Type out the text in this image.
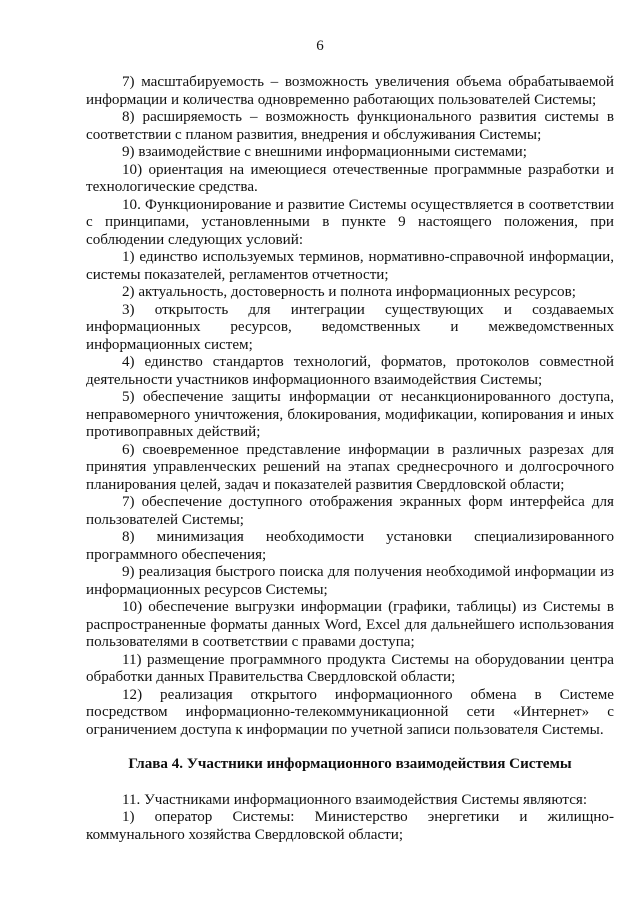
6

7) масштабируемость – возможность увеличения объема обрабатываемой информации и количества одновременно работающих пользователей Системы;

8) расширяемость – возможность функционального развития системы в соответствии с планом развития, внедрения и обслуживания Системы;

9) взаимодействие с внешними информационными системами;

10) ориентация на имеющиеся отечественные программные разработки и технологические средства.

10. Функционирование и развитие Системы осуществляется в соответствии с принципами, установленными в пункте 9 настоящего положения, при соблюдении следующих условий:

1) единство используемых терминов, нормативно-справочной информации, системы показателей, регламентов отчетности;

2) актуальность, достоверность и полнота информационных ресурсов;

3) открытость для интеграции существующих и создаваемых информационных ресурсов, ведомственных и межведомственных информационных систем;

4) единство стандартов технологий, форматов, протоколов совместной деятельности участников информационного взаимодействия Системы;

5) обеспечение защиты информации от несанкционированного доступа, неправомерного уничтожения, блокирования, модификации, копирования и иных противоправных действий;

6) своевременное представление информации в различных разрезах для принятия управленческих решений на этапах среднесрочного и долгосрочного планирования целей, задач и показателей развития Свердловской области;

7) обеспечение доступного отображения экранных форм интерфейса для пользователей Системы;

8) минимизация необходимости установки специализированного программного обеспечения;

9) реализация быстрого поиска для получения необходимой информации из информационных ресурсов Системы;

10) обеспечение выгрузки информации (графики, таблицы) из Системы в распространенные форматы данных Word, Excel для дальнейшего использования пользователями в соответствии с правами доступа;

11) размещение программного продукта Системы на оборудовании центра обработки данных Правительства Свердловской области;

12) реализация открытого информационного обмена в Системе посредством информационно-телекоммуникационной сети «Интернет» с ограничением доступа к информации по учетной записи пользователя Системы.

Глава 4. Участники информационного взаимодействия Системы

11. Участниками информационного взаимодействия Системы являются:

1) оператор Системы: Министерство энергетики и жилищно-коммунального хозяйства Свердловской области;
